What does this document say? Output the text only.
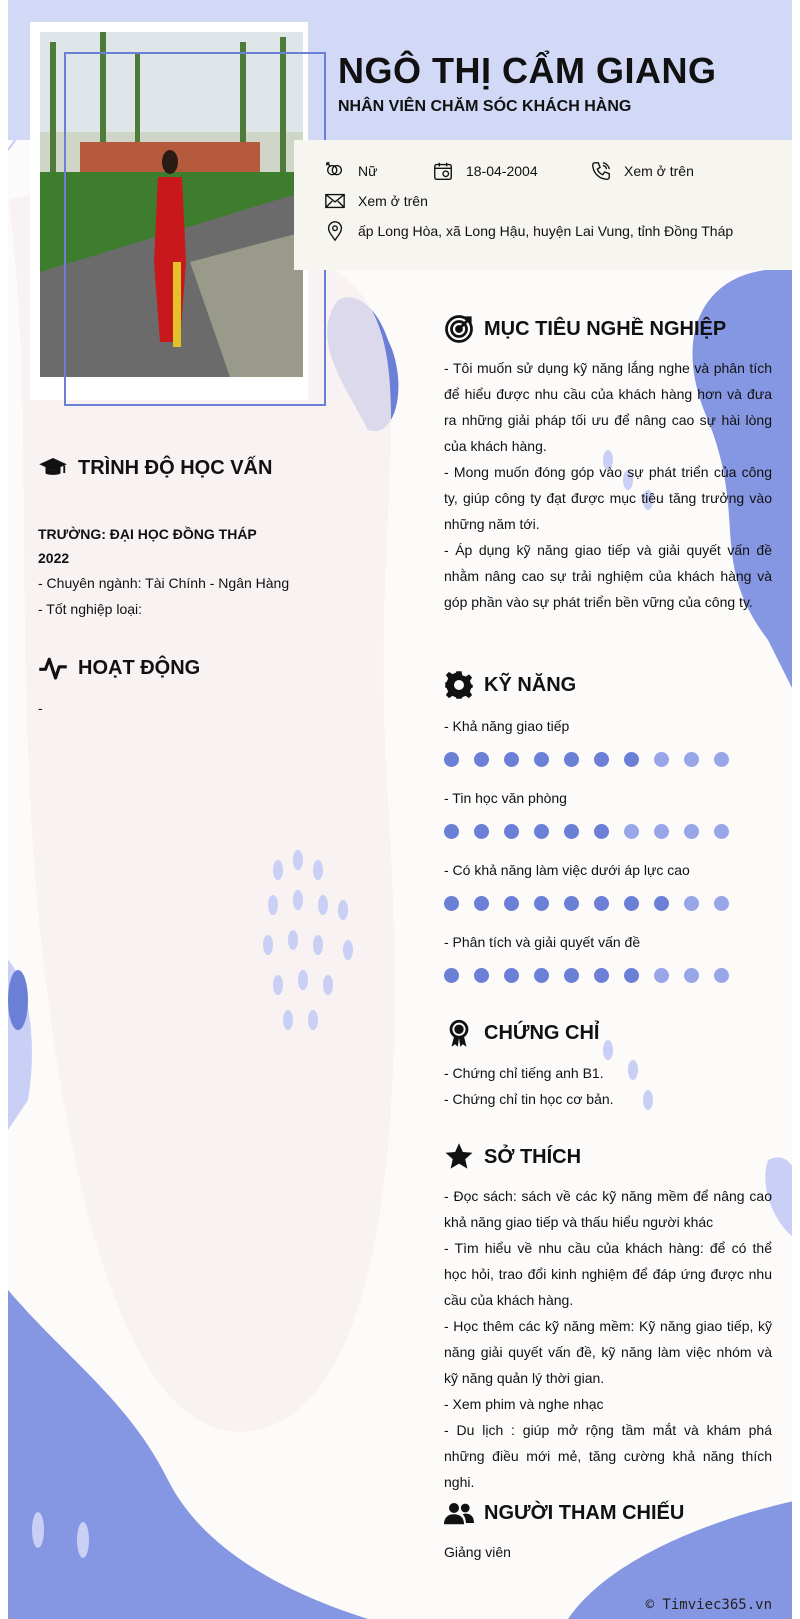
NGÔ THỊ CẨM GIANG
NHÂN VIÊN CHĂM SÓC KHÁCH HÀNG
Nữ	18-04-2004	Xem ở trên
Xem ở trên
ấp Long Hòa, xã Long Hậu, huyện Lai Vung, tỉnh Đồng Tháp
TRÌNH ĐỘ HỌC VẤN
TRƯỜNG: ĐẠI HỌC ĐỒNG THÁP
2022
- Chuyên ngành: Tài Chính - Ngân Hàng
- Tốt nghiệp loại:
HOẠT ĐỘNG
-
MỤC TIÊU NGHỀ NGHIỆP
- Tôi muốn sử dụng kỹ năng lắng nghe và phân tích để hiểu được nhu cầu của khách hàng hơn và đưa ra những giải pháp tối ưu để nâng cao sự hài lòng của khách hàng.
- Mong muốn đóng góp vào sự phát triển của công ty, giúp công ty đạt được mục tiêu tăng trưởng vào những năm tới.
- Áp dụng kỹ năng giao tiếp và giải quyết vấn đề nhằm nâng cao sự trải nghiệm của khách hàng và góp phần vào sự phát triển bền vững của công ty.
KỸ NĂNG
- Khả năng giao tiếp
- Tin học văn phòng
- Có khả năng làm việc dưới áp lực cao
- Phân tích và giải quyết vấn đề
CHỨNG CHỈ
- Chứng chỉ tiếng anh B1.
- Chứng chỉ tin học cơ bản.
SỞ THÍCH
- Đọc sách: sách về các kỹ năng mềm để nâng cao khả năng giao tiếp và thấu hiểu người khác
- Tìm hiểu về nhu cầu của khách hàng: để có thể học hỏi, trao đổi kinh nghiệm để đáp ứng được nhu cầu của khách hàng.
- Học thêm các kỹ năng mềm: Kỹ năng giao tiếp, kỹ năng giải quyết vấn đề, kỹ năng làm việc nhóm và kỹ năng quản lý thời gian.
- Xem phim và nghe nhạc
- Du lịch : giúp mở rộng tầm mắt và khám phá những điều mới mẻ, tăng cường khả năng thích nghi.
NGƯỜI THAM CHIẾU
Giảng viên
© Timviec365.vn
